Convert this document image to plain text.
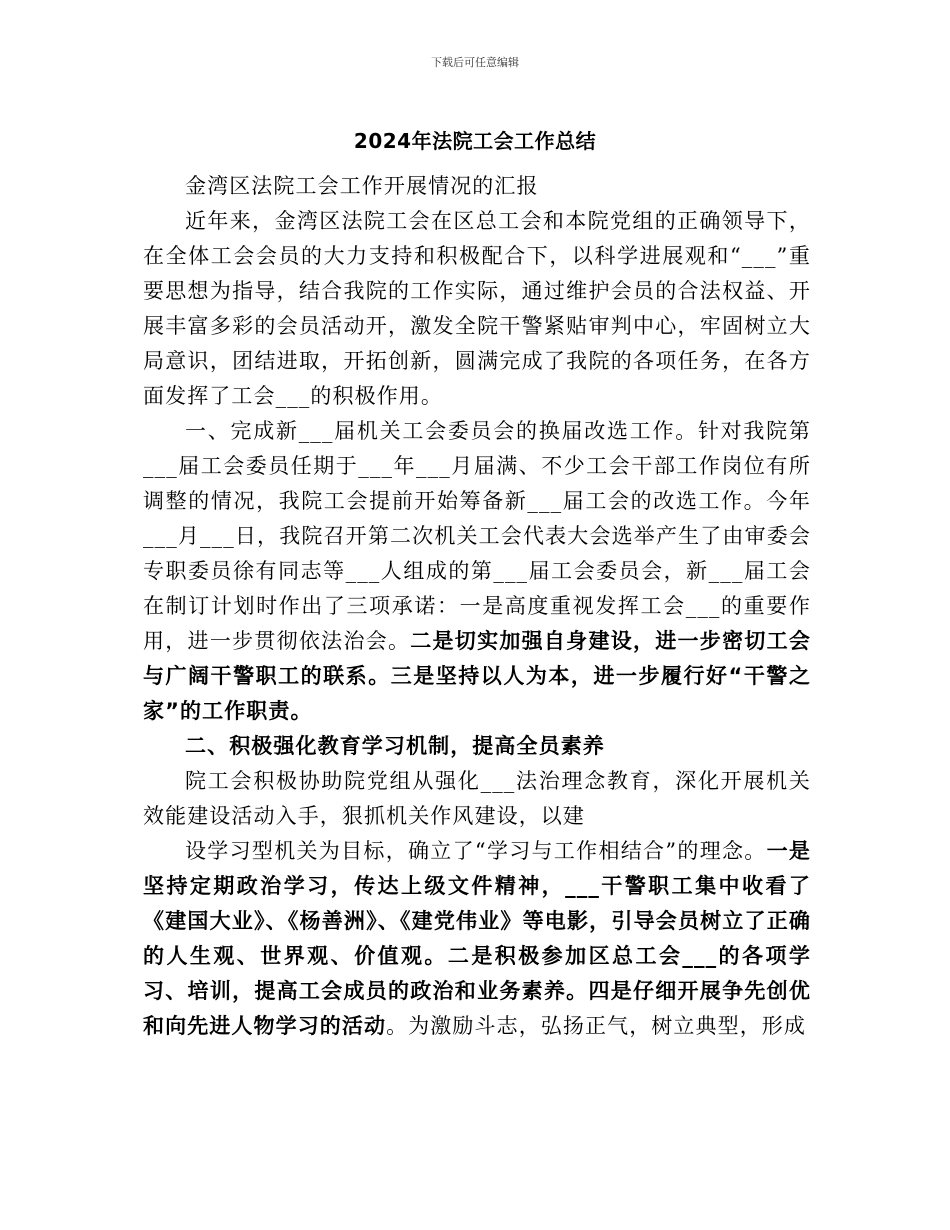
下载后可任意编辑
2024年法院工会工作总结

金湾区法院工会工作开展情况的汇报

近年来，金湾区法院工会在区总工会和本院党组的正确领导下，在全体工会会员的大力支持和积极配合下，以科学进展观和“___”重要思想为指导，结合我院的工作实际，通过维护会员的合法权益、开展丰富多彩的会员活动开，激发全院干警紧贴审判中心，牢固树立大局意识，团结进取，开拓创新，圆满完成了我院的各项任务，在各方面发挥了工会___的积极作用。

一、完成新___届机关工会委员会的换届改选工作。针对我院第___届工会委员任期于___年___月届满、不少工会干部工作岗位有所调整的情况，我院工会提前开始筹备新___届工会的改选工作。今年___月___日，我院召开第二次机关工会代表大会选举产生了由审委会专职委员徐有同志等___人组成的第___届工会委员会，新___届工会在制订计划时作出了三项承诺：一是高度重视发挥工会___的重要作用，进一步贯彻依法治会。二是切实加强自身建设，进一步密切工会与广阔干警职工的联系。三是坚持以人为本，进一步履行好“干警之家”的工作职责。

二、积极强化教育学习机制，提高全员素养

院工会积极协助院党组从强化___法治理念教育，深化开展机关效能建设活动入手，狠抓机关作风建设，以建

设学习型机关为目标，确立了“学习与工作相结合”的理念。一是坚持定期政治学习，传达上级文件精神，___干警职工集中收看了《建国大业》、《杨善洲》、《建党伟业》等电影，引导会员树立了正确的人生观、世界观、价值观。二是积极参加区总工会___的各项学习、培训，提高工会成员的政治和业务素养。四是仔细开展争先创优和向先进人物学习的活动。为激励斗志，弘扬正气，树立典型，形成
